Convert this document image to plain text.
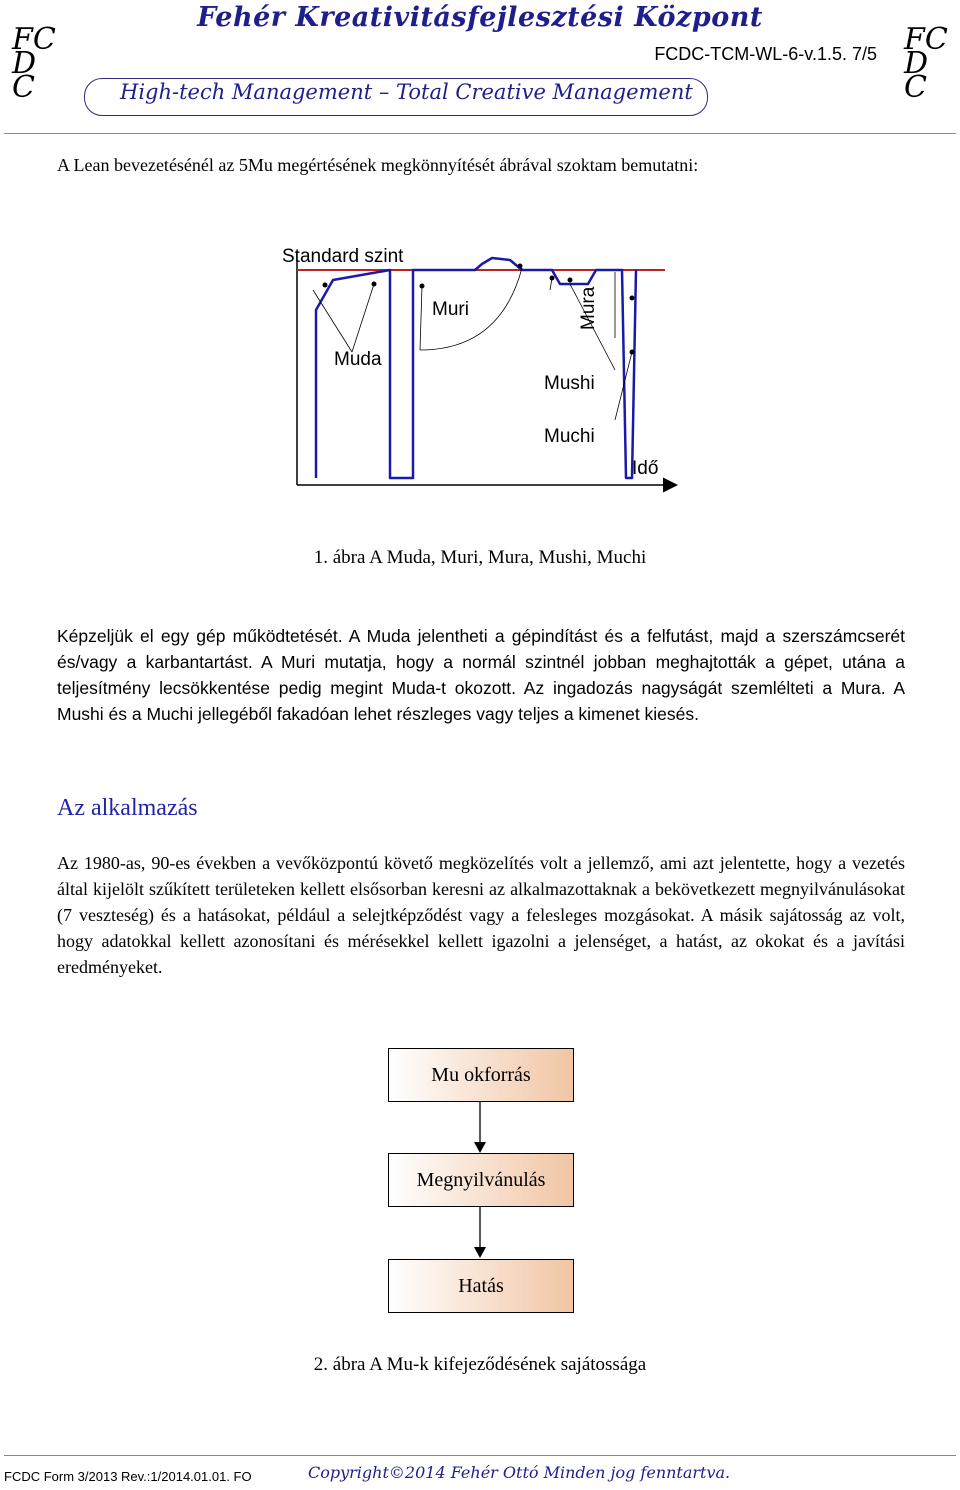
Fehér Kreativitásfejlesztési Központ
FCDC
FCDC
FCDC-TCM-WL-6-v.1.5. 7/5
High-tech Management – Total Creative Management
A Lean bevezetésénél az 5Mu megértésének megkönnyítését ábrával szoktam bemutatni:
Standard szint
Muri
Muda
Mura
Mushi
Muchi
Idő
1. ábra A Muda, Muri, Mura, Mushi, Muchi
Képzeljük el egy gép működtetését. A Muda jelentheti a gépindítást és a felfutást, majd a szerszámcserét és/vagy a karbantartást. A Muri mutatja, hogy a normál szintnél jobban meghajtották a gépet, utána a teljesítmény lecsökkentése pedig megint Muda-t okozott. Az ingadozás nagyságát szemlélteti a Mura. A Mushi és a Muchi jellegéből fakadóan lehet részleges vagy teljes a kimenet kiesés.
Az alkalmazás
Az 1980-as, 90-es években a vevőközpontú követő megközelítés volt a jellemző, ami azt jelentette, hogy a vezetés által kijelölt szűkített területeken kellett elsősorban keresni az alkalmazottaknak a bekövetkezett megnyilvánulásokat (7 veszteség) és a hatásokat, például a selejtképződést vagy a felesleges mozgásokat. A másik sajátosság az volt, hogy adatokkal kellett azonosítani és mérésekkel kellett igazolni a jelenséget, a hatást, az okokat és a javítási eredményeket.
Mu okforrás
Megnyilvánulás
Hatás
2. ábra A Mu-k kifejeződésének sajátossága
FCDC Form 3/2013 Rev.:1/2014.01.01. FO	Copyright©2014 Fehér Ottó Minden jog fenntartva.
